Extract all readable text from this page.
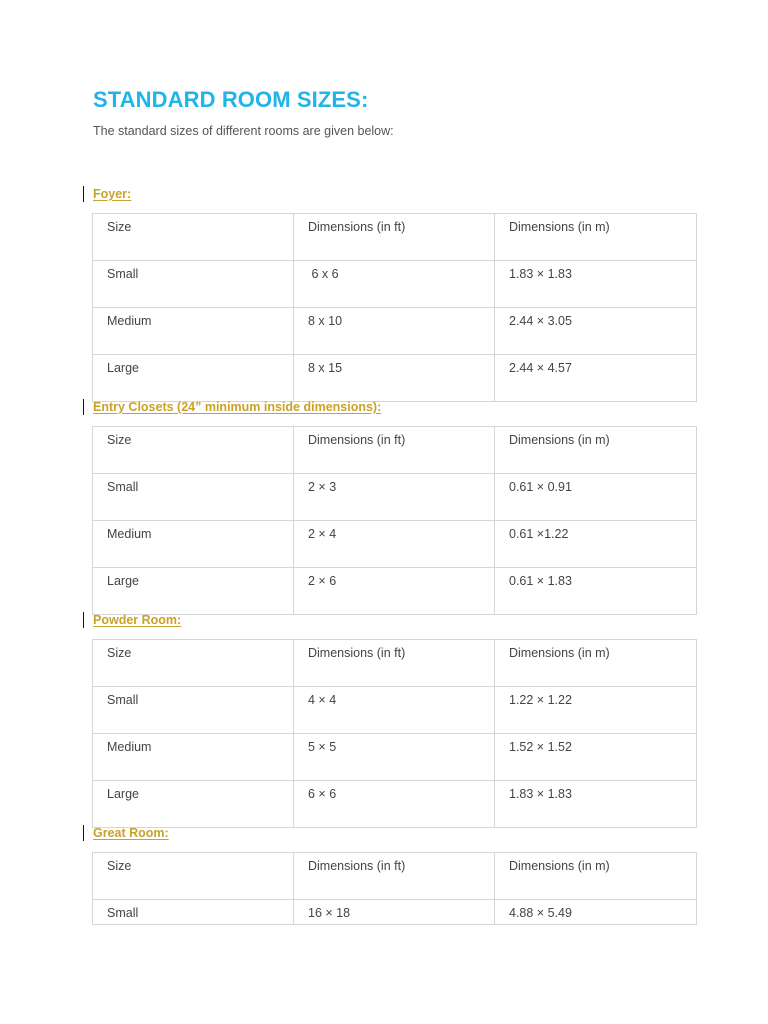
STANDARD ROOM SIZES:

The standard sizes of different rooms are given below:

Foyer:
Size	Dimensions (in ft)	Dimensions (in m)

Small	6 x 6	1.83 × 1.83

Medium	8 x 10	2.44 × 3.05

Large	8 x 15	2.44 × 4.57
Entry Closets (24” minimum inside dimensions):
Size	Dimensions (in ft)	Dimensions (in m)

Small	2 × 3	0.61 × 0.91

Medium	2 × 4	0.61 ×1.22

Large	2 × 6	0.61 × 1.83
Powder Room:
Size	Dimensions (in ft)	Dimensions (in m)

Small	4 × 4	1.22 × 1.22

Medium	5 × 5	1.52 × 1.52

Large	6 × 6	1.83 × 1.83
Great Room:
Size	Dimensions (in ft)	Dimensions (in m)

Small	16 × 18	4.88 × 5.49
